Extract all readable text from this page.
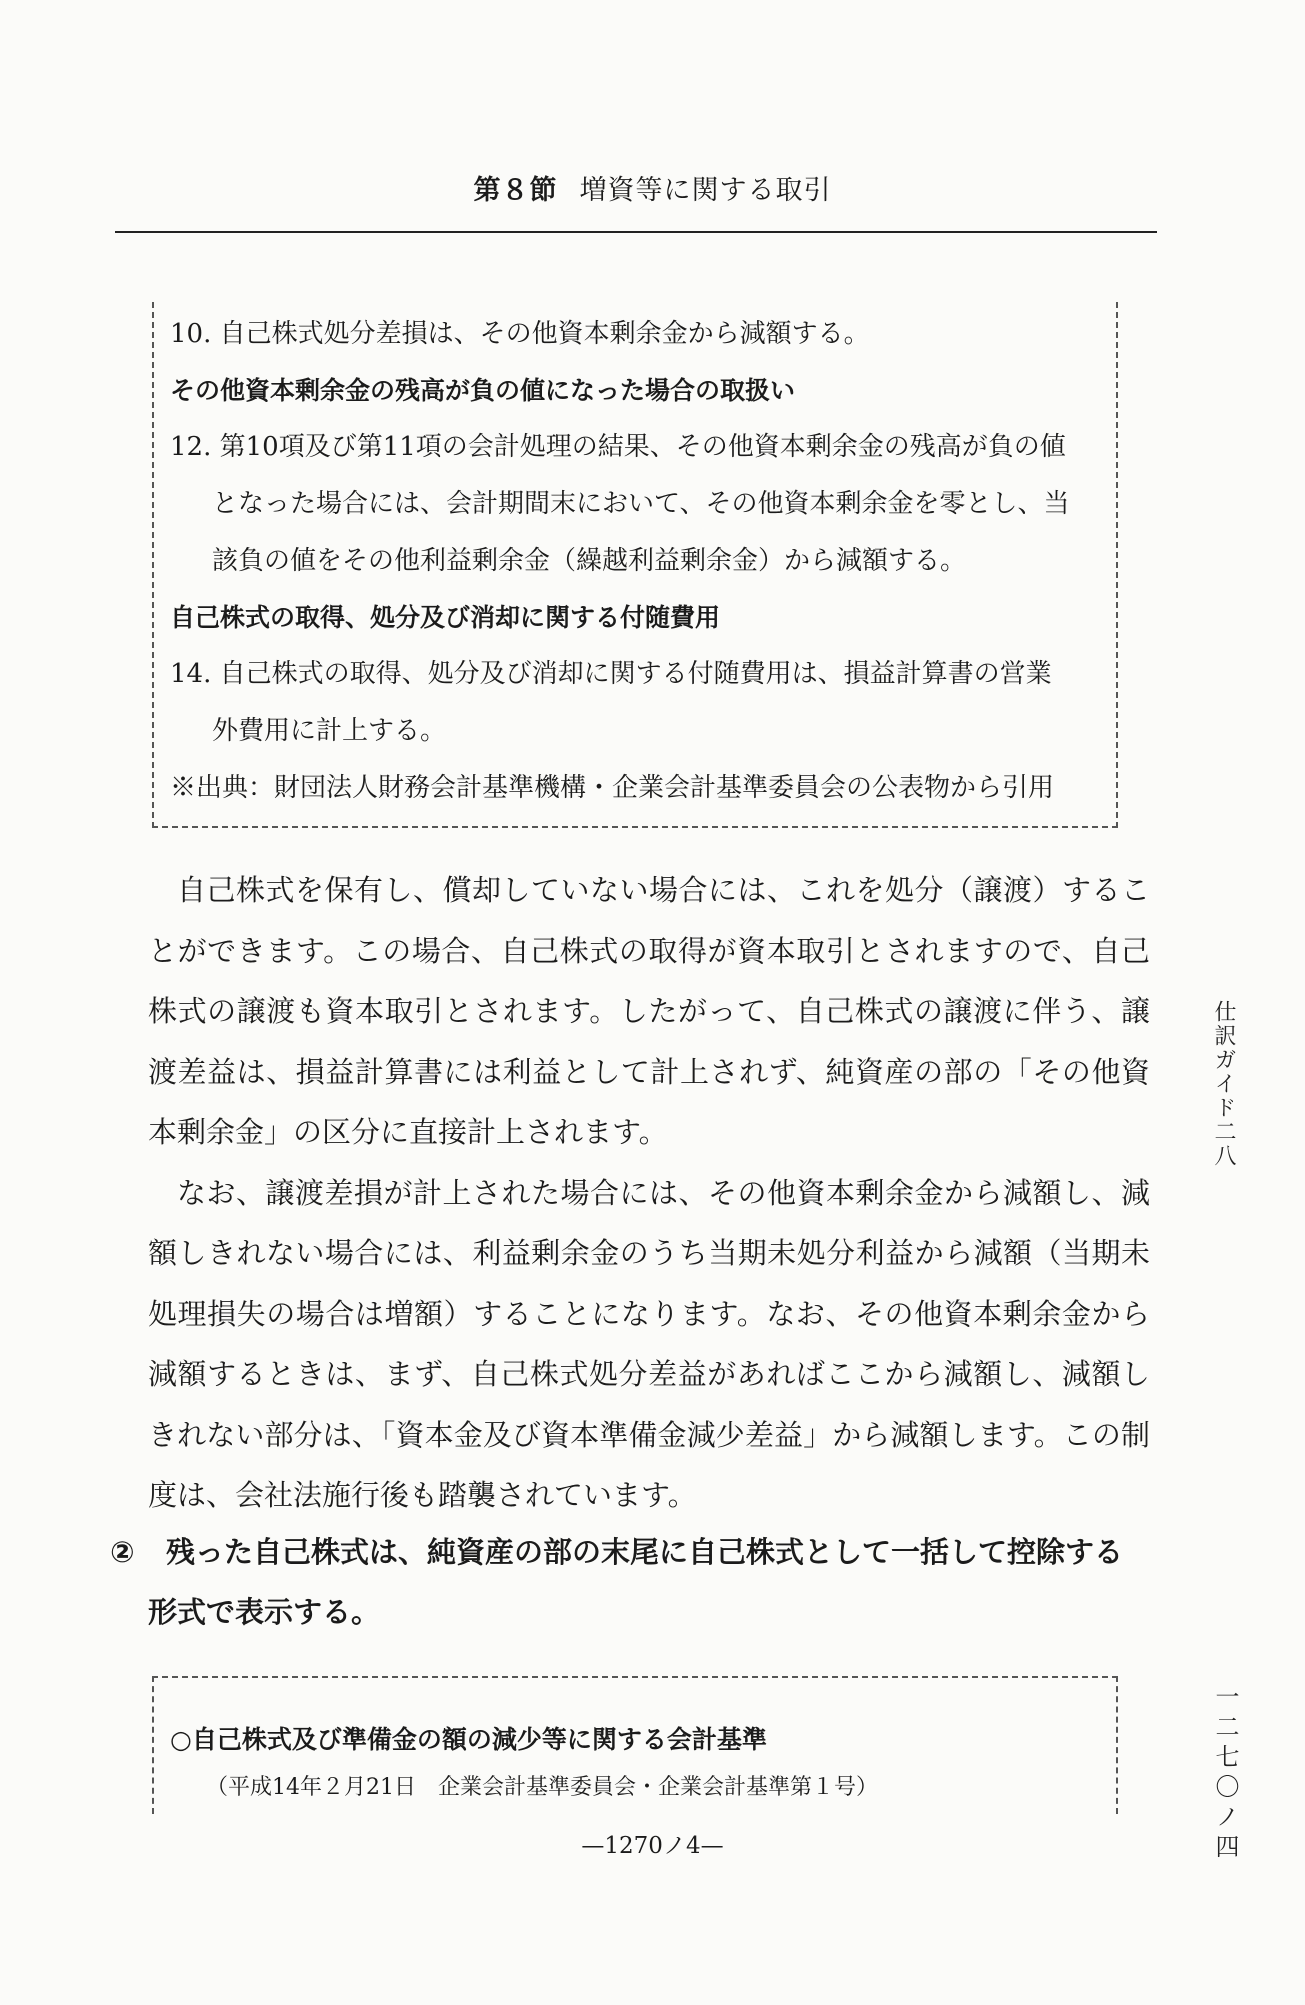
第８節 増資等に関する取引
10. 自己株式処分差損は、その他資本剰余金から減額する。
その他資本剰余金の残高が負の値になった場合の取扱い
12. 第10項及び第11項の会計処理の結果、その他資本剰余金の残高が負の値
となった場合には、会計期間末において、その他資本剰余金を零とし、当
該負の値をその他利益剰余金（繰越利益剰余金）から減額する。
自己株式の取得、処分及び消却に関する付随費用
14. 自己株式の取得、処分及び消却に関する付随費用は、損益計算書の営業
外費用に計上する。
※出典：財団法人財務会計基準機構・企業会計基準委員会の公表物から引用

自己株式を保有し、償却していない場合には、これを処分（譲渡）することができます。この場合、自己株式の取得が資本取引とされますので、自己株式の譲渡も資本取引とされます。したがって、自己株式の譲渡に伴う、譲渡差益は、損益計算書には利益として計上されず、純資産の部の「その他資本剰余金」の区分に直接計上されます。

なお、譲渡差損が計上された場合には、その他資本剰余金から減額し、減額しきれない場合には、利益剰余金のうち当期未処分利益から減額（当期未処理損失の場合は増額）することになります。なお、その他資本剰余金から減額するときは、まず、自己株式処分差益があればここから減額し、減額しきれない部分は、「資本金及び資本準備金減少差益」から減額します。この制度は、会社法施行後も踏襲されています。

② 残った自己株式は、純資産の部の末尾に自己株式として一括して控除する
形式で表示する。
○自己株式及び準備金の額の減少等に関する会計基準
（平成14年２月21日　企業会計基準委員会・企業会計基準第１号）
仕訳ガイド二八
一二七〇ノ四
—1270ノ4—
